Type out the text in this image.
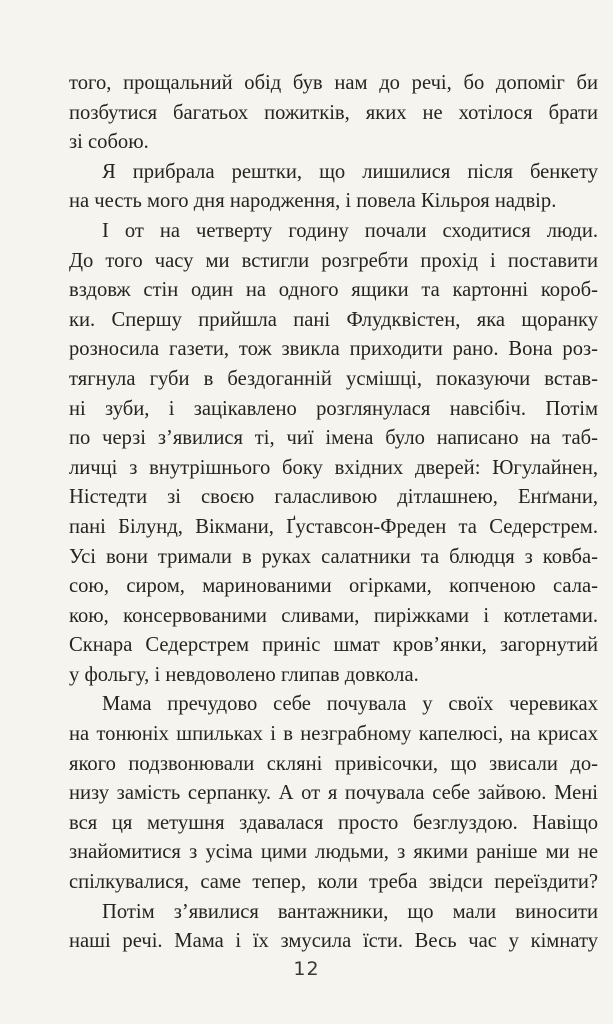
того, прощальний обід був нам до речі, бо допоміг би
позбутися багатьох пожитків, яких не хотілося брати
зі собою.
Я прибрала рештки, що лишилися після бенкету
на честь мого дня народження, і повела Кільроя надвір.
І от на четверту годину почали сходитися люди.
До того часу ми встигли розгребти прохід і поставити
вздовж стін один на одного ящики та картонні короб-
ки. Спершу прийшла пані Флудквістен, яка щоранку
розносила газети, тож звикла приходити рано. Вона роз-
тягнула губи в бездоганній усмішці, показуючи встав-
ні зуби, і зацікавлено розглянулася навсібіч. Потім
по черзі з’явилися ті, чиї імена було написано на таб-
личці з внутрішнього боку вхідних дверей: Югулайнен,
Ністедти зі своєю галасливою дітлашнею, Енґмани,
пані Білунд, Вікмани, Ґуставсон-Фреден та Седерстрем.
Усі вони тримали в руках салатники та блюдця з ковба-
сою, сиром, маринованими огірками, копченою сала-
кою, консервованими сливами, пиріжками і котлетами.
Скнара Седерстрем приніс шмат кров’янки, загорнутий
у фольгу, і невдоволено глипав довкола.
Мама пречудово себе почувала у своїх черевиках
на тонюніх шпильках і в незграбному капелюсі, на крисах
якого подзвонювали скляні привісочки, що звисали до-
низу замість серпанку. А от я почувала себе зайвою. Мені
вся ця метушня здавалася просто безглуздою. Навіщо
знайомитися з усіма цими людьми, з якими раніше ми не
спілкувалися, саме тепер, коли треба звідси переїздити?
Потім з’явилися вантажники, що мали виносити
наші речі. Мама і їх змусила їсти. Весь час у кімнату
12
